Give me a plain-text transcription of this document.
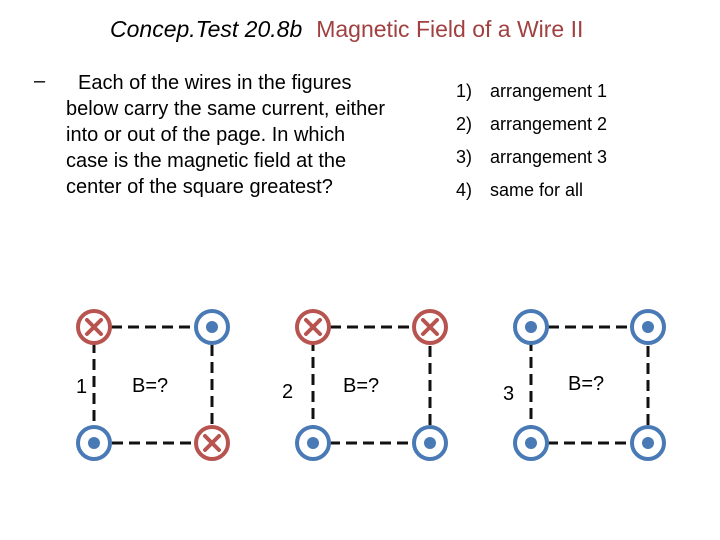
Concep.Test 20.8b Magnetic Field of a Wire II
–	Each of the wires in the figures below carry the same current, either into or out of the page. In which case is the magnetic field at the center of the square greatest?
1) arrangement 1
2) arrangement 2
3) arrangement 3
4) same for all
1 B=?	2 B=?	3	B=?
